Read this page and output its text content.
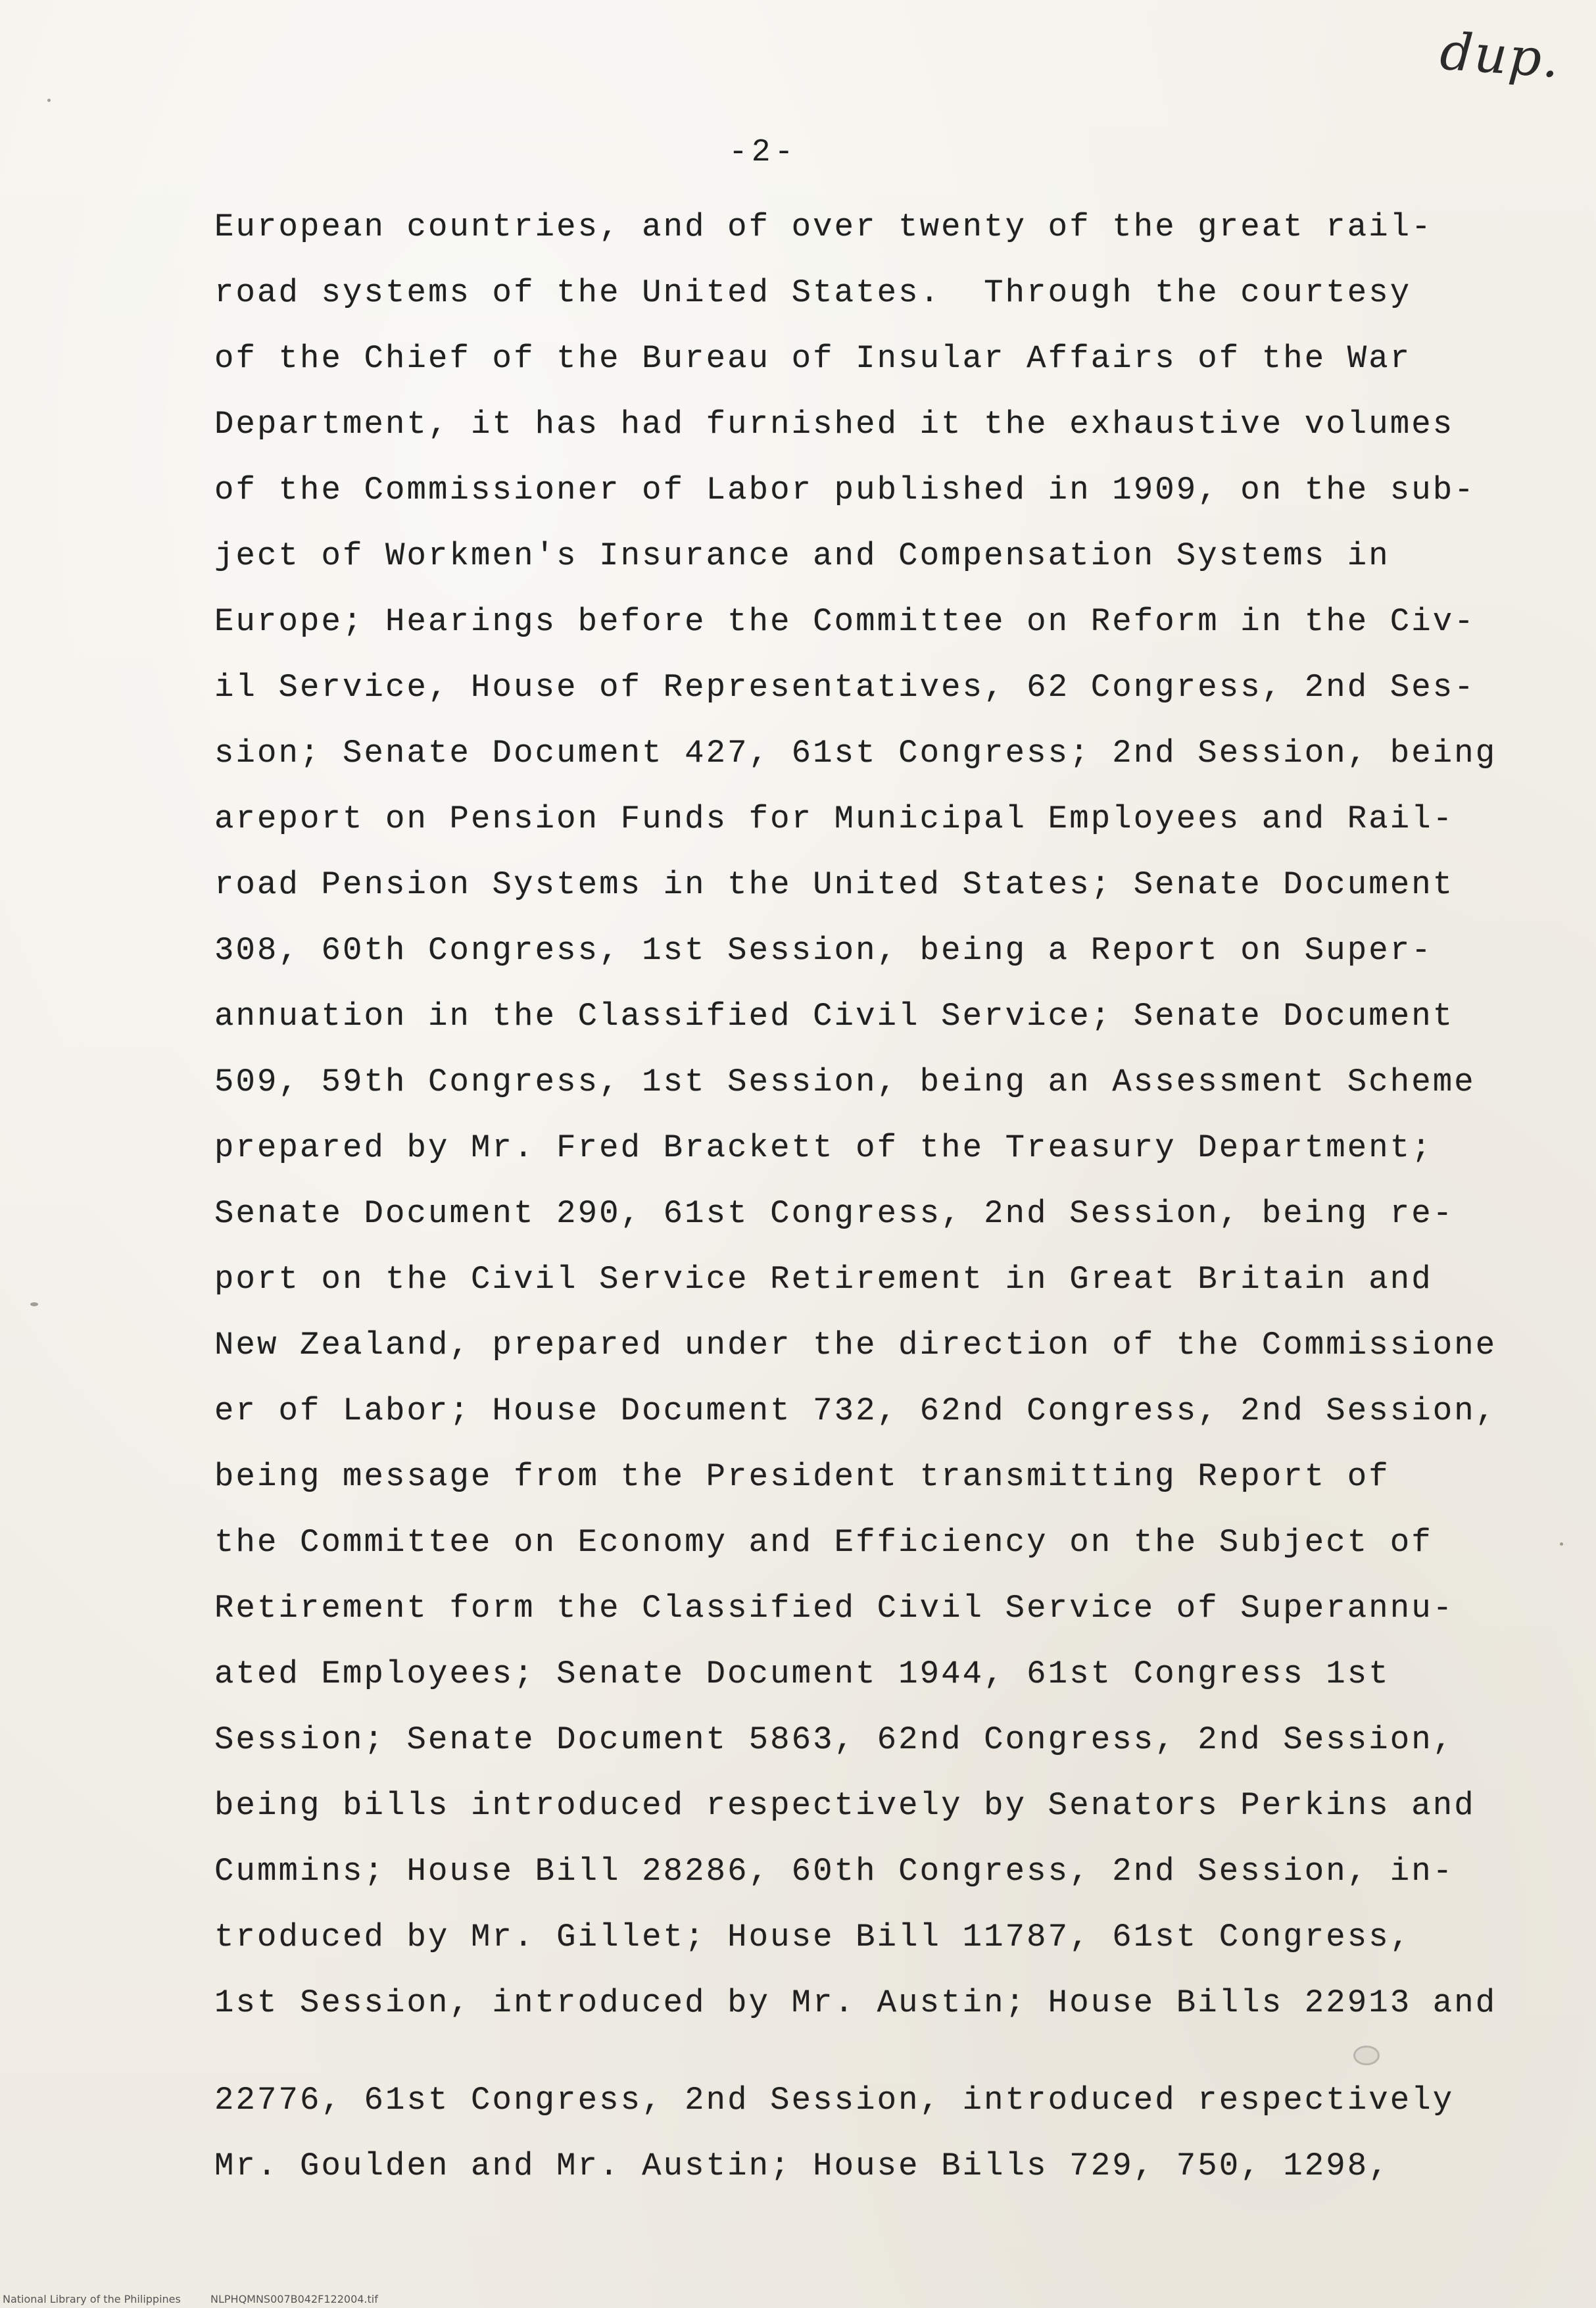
dup.
-2-
European countries, and of over twenty of the great rail-
road systems of the United States.  Through the courtesy
of the Chief of the Bureau of Insular Affairs of the War
Department, it has had furnished it the exhaustive volumes
of the Commissioner of Labor published in 1909, on the sub-
ject of Workmen's Insurance and Compensation Systems in
Europe; Hearings before the Committee on Reform in the Civ-
il Service, House of Representatives, 62 Congress, 2nd Ses-
sion; Senate Document 427, 61st Congress; 2nd Session, being
areport on Pension Funds for Municipal Employees and Rail-
road Pension Systems in the United States; Senate Document
308, 60th Congress, 1st Session, being a Report on Super-
annuation in the Classified Civil Service; Senate Document
509, 59th Congress, 1st Session, being an Assessment Scheme
prepared by Mr. Fred Brackett of the Treasury Department;
Senate Document 290, 61st Congress, 2nd Session, being re-
port on the Civil Service Retirement in Great Britain and
New Zealand, prepared under the direction of the Commissione
er of Labor; House Document 732, 62nd Congress, 2nd Session,
being message from the President transmitting Report of
the Committee on Economy and Efficiency on the Subject of
Retirement form the Classified Civil Service of Superannu-
ated Employees; Senate Document 1944, 61st Congress 1st
Session; Senate Document 5863, 62nd Congress, 2nd Session,
being bills introduced respectively by Senators Perkins and
Cummins; House Bill 28286, 60th Congress, 2nd Session, in-
troduced by Mr. Gillet; House Bill 11787, 61st Congress,
1st Session, introduced by Mr. Austin; House Bills 22913 and
22776, 61st Congress, 2nd Session, introduced respectively
Mr. Goulden and Mr. Austin; House Bills 729, 750, 1298,
National Library of the Philippines	NLPHQMNS007B042F122004.tif
